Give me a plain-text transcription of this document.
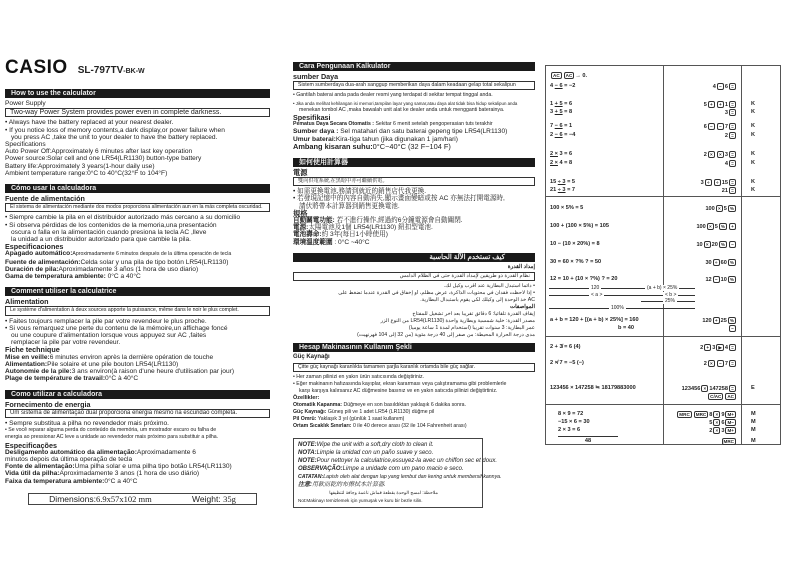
CASIO SL-797TV-BK-W
How to use the calculator
Power Supply
Two-way Power System provides power even in complete darkness.
• Always have the battery replaced at your nearest dealer.
• If you notice loss of memory contents,a dark display,or power failure when
you press AC ,take the unit to your dealer to have the battery replaced.
Specifications
Auto Power Off:Approximately 6 minutes after last key operation
Power source:Solar cell and one LR54(LR1130) button-type battery
Battery life:Approximately 3 years(1-hour daily use)
Ambient temperature range:0°C to 40°C(32°F to 104°F)
Cómo usar la calculadora
Fuente de alimentación
El sistema de alimentación mediante dos modos proporciona alimentación aun en la más completa oscuridad.
• Siempre cambie la pila en el distribuidor autorizado más cercano a su domicilio
• Si observa pérdidas de los contenidos de la memoria,una presentación
oscura o falla en la alimentación cuando presiona la tecla AC ,lleve
la unidad a un distribuidor autorizado para que cambie la pila.
Especificaciones
Apagado automático:Aproximadamente 6 minutos después de la última operación de tecla
Fuente de alimentación:Celda solar y una pila de tipo botón LR54(LR1130)
Duración de pila:Aproximadamente 3 años (1 hora de uso diario)
Gama de temperatura ambiente: 0°C a 40°C
Comment utiliser la calculatrice
Alimentation
Le système d'alimentation à deux sources apporte la puissance, même dans le noir le plus complet.
• Faites toujours remplacer la pile par votre revendeur le plus proche.
• Si vous remarquez une perte du contenu de la mémoire,un affichage foncé
ou une coupure d'alimentation lorsque vous appuyez sur AC ,faites
remplacer la pile par votre revendeur.
Fiche technique
Mise en veille:6 minutes environ après la dernière opération de touche
Alimentation:Pile solaire et une pile bouton LR54(LR1130)
Autonomie de la pile:3 ans environ(à raison d'une heure d'utilisation par jour)
Plage de température de travail:0°C à 40°C
Como utilizar a calculadora
Fornecimento de energia
Um sistema de alimentação dual proporciona energia mesmo na escuridão completa.
• Sempre substitua a pilha no revendedor mais próximo.
• Se você reparar alguma perda do conteúdo da memória, um mostrador escuro ou falha de
energia ao pressionar AC leve a unidade ao revendedor mais próximo para substituir a pilha.
Especificações
Desligamento automático da alimentação:Aproximadamente 6
minutos depois da última operação de tecla
Fonte de alimentação:Uma pilha solar e uma pilha tipo botão LR54(LR1130)
Vida útil da pilha:Aproximadamente 3 anos (1 hora de uso diário)
Faixa da temperatura ambiente:0°C a 40°C
Dimensions:6.9x57x102 mm	Weight: 35g
Cara Pengunaan Kalkulator
sumber Daya
Sistem sumberdaya dua-arah sanggup memberikan daya dalam keadaan gelap total sekalipun
• Gantilah baterai anda pada dealer resmi yang terdapat di sekitar tempat tinggal anda.
• Jika anda melihat kehilangan isi memori,tampilan layar yang samar,atau daya alat tidak bisa hidup sekalipun anda
menekan tombol AC ,maka bawalah unit alat ke dealer anda untuk mengganti baterainya.
Spesifikasi
Pematus Daya Secara Otomatis : Sekitar 6 menit setelah pengoperasian tuts terakhir
Sumber daya : Sel matahari dan satu baterai gepeng tipe LR54(LR1130)
Umur baterai:Kira-tiga tahun (jika digunakan 1 jam/hari)
Ambang kisaran suhu:0°C~40°C (32 F~104 F)
如何使用計算器
電源
雙向供電系統,在黑暗中亦可繼續供電。
• 如需更換電池,務請到就近的銷售店代我更換.
• 若發現記憶中的內容自動消失,顯示畫面變暗或按 AC 亦無法打開電源時,
請伏將帶本計算器到銷售更換電池.
規格
自動關電功能: 若不進行操作,經過約6分鐘電源會自動關閉.
電源:太陽電池及1個 LR54(LR1130) 鈕扣型電池.
電池壽命:約 3年(每日1小時使用)
環境溫度範圍 : 0°C ~40°C
كيف تستخدم الآلة الحاسبة
إمداد القدرة
نظام القدرة ذو طريقين لإمداد القدرة حتى في الظلام الدامس
• دائما استبدل البطارية عند أقرب وكيل لك.
• إذا لاحظت فقدان في محتويات الذاكرة، عرض مظلم، أو إخفاق في القدرة عندما تضغط على
AC خذ الوحدة إلى وكيلك لكي يقوم باستبدال البطارية.
المواصفات
إيقاف القدرة تلقائيا: 6 دقائق تقريبا بعد آخر تشغيل للمفتاح
مصدر القدرة: خلية شمسية وبطارية واحدة LR54(LR1130) من النوع الزر
عمر البطارية: 3 سنوات تقريبا (استخدام لمدة 1 ساعة يوميا)
مدى درجة الحرارة المحيطة: من صفر إلى 40 درجة مئوية (من 32 إلى 104 فهرنهيت)
Hesap Makinasının Kullanım Şekli
Güç Kaynağı
Çitte güç kaynağı karanlıkta tamamen şarjla karanlık ortamda bile güç sağlar.
• Her zaman pilinizi en yakın ürün satıcısında değiştiriniz.
• Eğer makinanın hafızasında kayıplar, ekran kararması veya çalıştıramama gibi problemlerle
karşı karşıya kalırsanız AC düğmesine basınız ve en yakın satıcıda pilinizi değiştirtiniz.
Özellikler:
Otomatik Kapanma: Düğmeye en son basıldıktan yaklaşık 6 dakika sonra.
Güç Kaynağı: Güneş pili ve 1 adet LR54 (LR1130) düğme pil
Pil Ömrü: Yaklaşık 3 yıl (günlük 1 saat kullanım)
Ortam Sıcaklık Sınırları: 0 ile 40 derece arası (32 ile 104 Fahrenheit arası)
NOTE:Wipe the unit with a soft,dry cloth to clean it.
NOTA:Limpie la unidad con un paño suave y seco.
NOTE:Pour nettoyer la calculatrice,essuyez-la avec un chiffon sec et doux.
OBSERVAÇÃO:Limpe a unidade com um pano macio e seco.
CATATAN:Lapish oleh alat dengan lap yang lembut dan kering untuk membersihkannya.
注意:用軟而乾的布擦拭本計算器.
ملاحظة: امسح الوحدة بقطعة قماش ناعمة وجافة لتنظيفها
Not:Makinayı temizlemek için yumuşak ve kuru bir bezle silin.
AC AC → 0.
4 − 6 = −2	4 − 6 =
1 + 5 = 6	5 + + 1 =	K
3 + 5 = 8	3 =	K
7 − 6 = 1	6 − − 7 =	K
2 − 6 = −4	2 =	K
2 × 3 = 6	2 × × 3 =	K
2 × 4 = 8	4 =	K
15 ÷ 3 = 5	3 ÷ ÷ 15 =	K
21 ÷ 3 = 7	21 =	K
100 × 5% = 5	100 × 5 %
100 + (100 × 5%) = 105	100 × 5 % +
10 − (10 × 20%) = 8	10 × 20 % −
30 = 60 × ?% ? = 50	30 ÷ 60 %
12 = 10 + (10 × ?%) ? = 20	12 − 10 %
a + b = 120 + [(a + b) × 25%] = 160	120 + 25 %
b = 40	−
2 + 3̸ = 6 (4)	2 + 3 ▶ 4 =
2 ×̸ 7 = −5 (−)	2 × − 7 =
123456 × 147258 ≒ 18179883000	123456 × 147258 =	E
C/AC AC
8 × 9 = 72	MRC MRC 8 × 9 M+	M
−15 × 6 = 30	5 × 6 M−	M
2 × 3 = 6	2 × 3 M+	M
48	MRC	M
120	(a + b) × 25%
< a >	< b >
25%
100%
